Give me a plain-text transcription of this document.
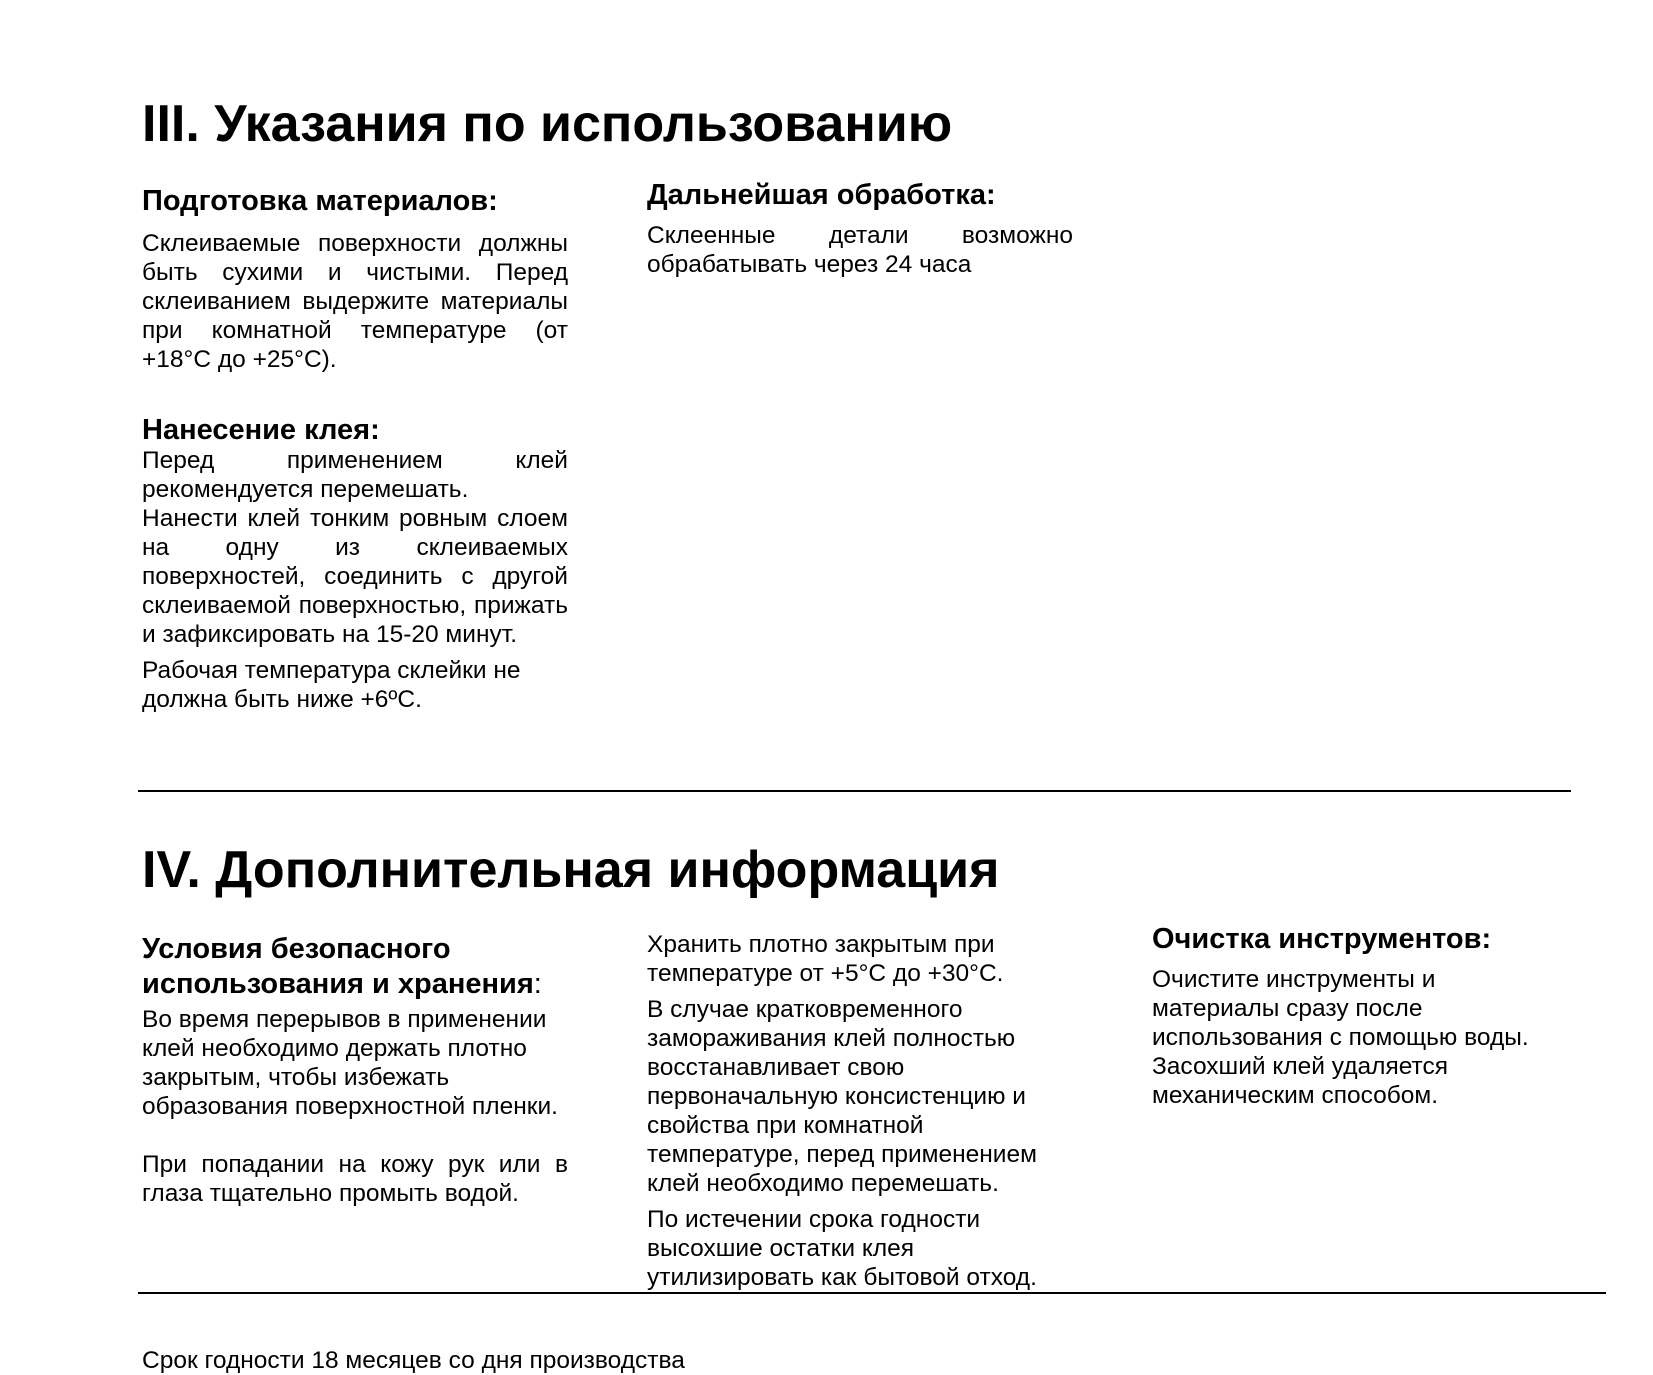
III. Указания по использованию
Подготовка материалов:

Склеиваемые поверхности должны быть сухими и чистыми. Перед склеиванием выдержите материалы при комнатной температуре (от +18°С до +25°С).

Нанесение клея:

Перед применением клей рекомендуется перемешать.

Нанести клей тонким ровным слоем на одну из склеиваемых поверхностей, соединить с другой склеиваемой поверхностью, прижать и зафиксировать на 15-20 минут.

Рабочая температура склейки не должна быть ниже +6ºС.

Дальнейшая обработка:

Склеенные детали возможно обрабатывать через 24 часа

IV. Дополнительная информация
Условия безопасного использования и хранения:

Во время перерывов в применении клей необходимо держать плотно закрытым, чтобы избежать образования поверхностной пленки.

При попадании на кожу рук или в глаза тщательно промыть водой.

Хранить плотно закрытым при температуре от +5°С до +30°С.

В случае кратковременного замораживания клей полностью восстанавливает свою первоначальную консистенцию и свойства при комнатной температуре, перед применением клей необходимо перемешать.

По истечении срока годности высохшие остатки клея утилизировать как бытовой отход.

Очистка инструментов:

Очистите инструменты и материалы сразу после использования с помощью воды. Засохший клей удаляется механическим способом.

Срок годности 18 месяцев со дня производства
